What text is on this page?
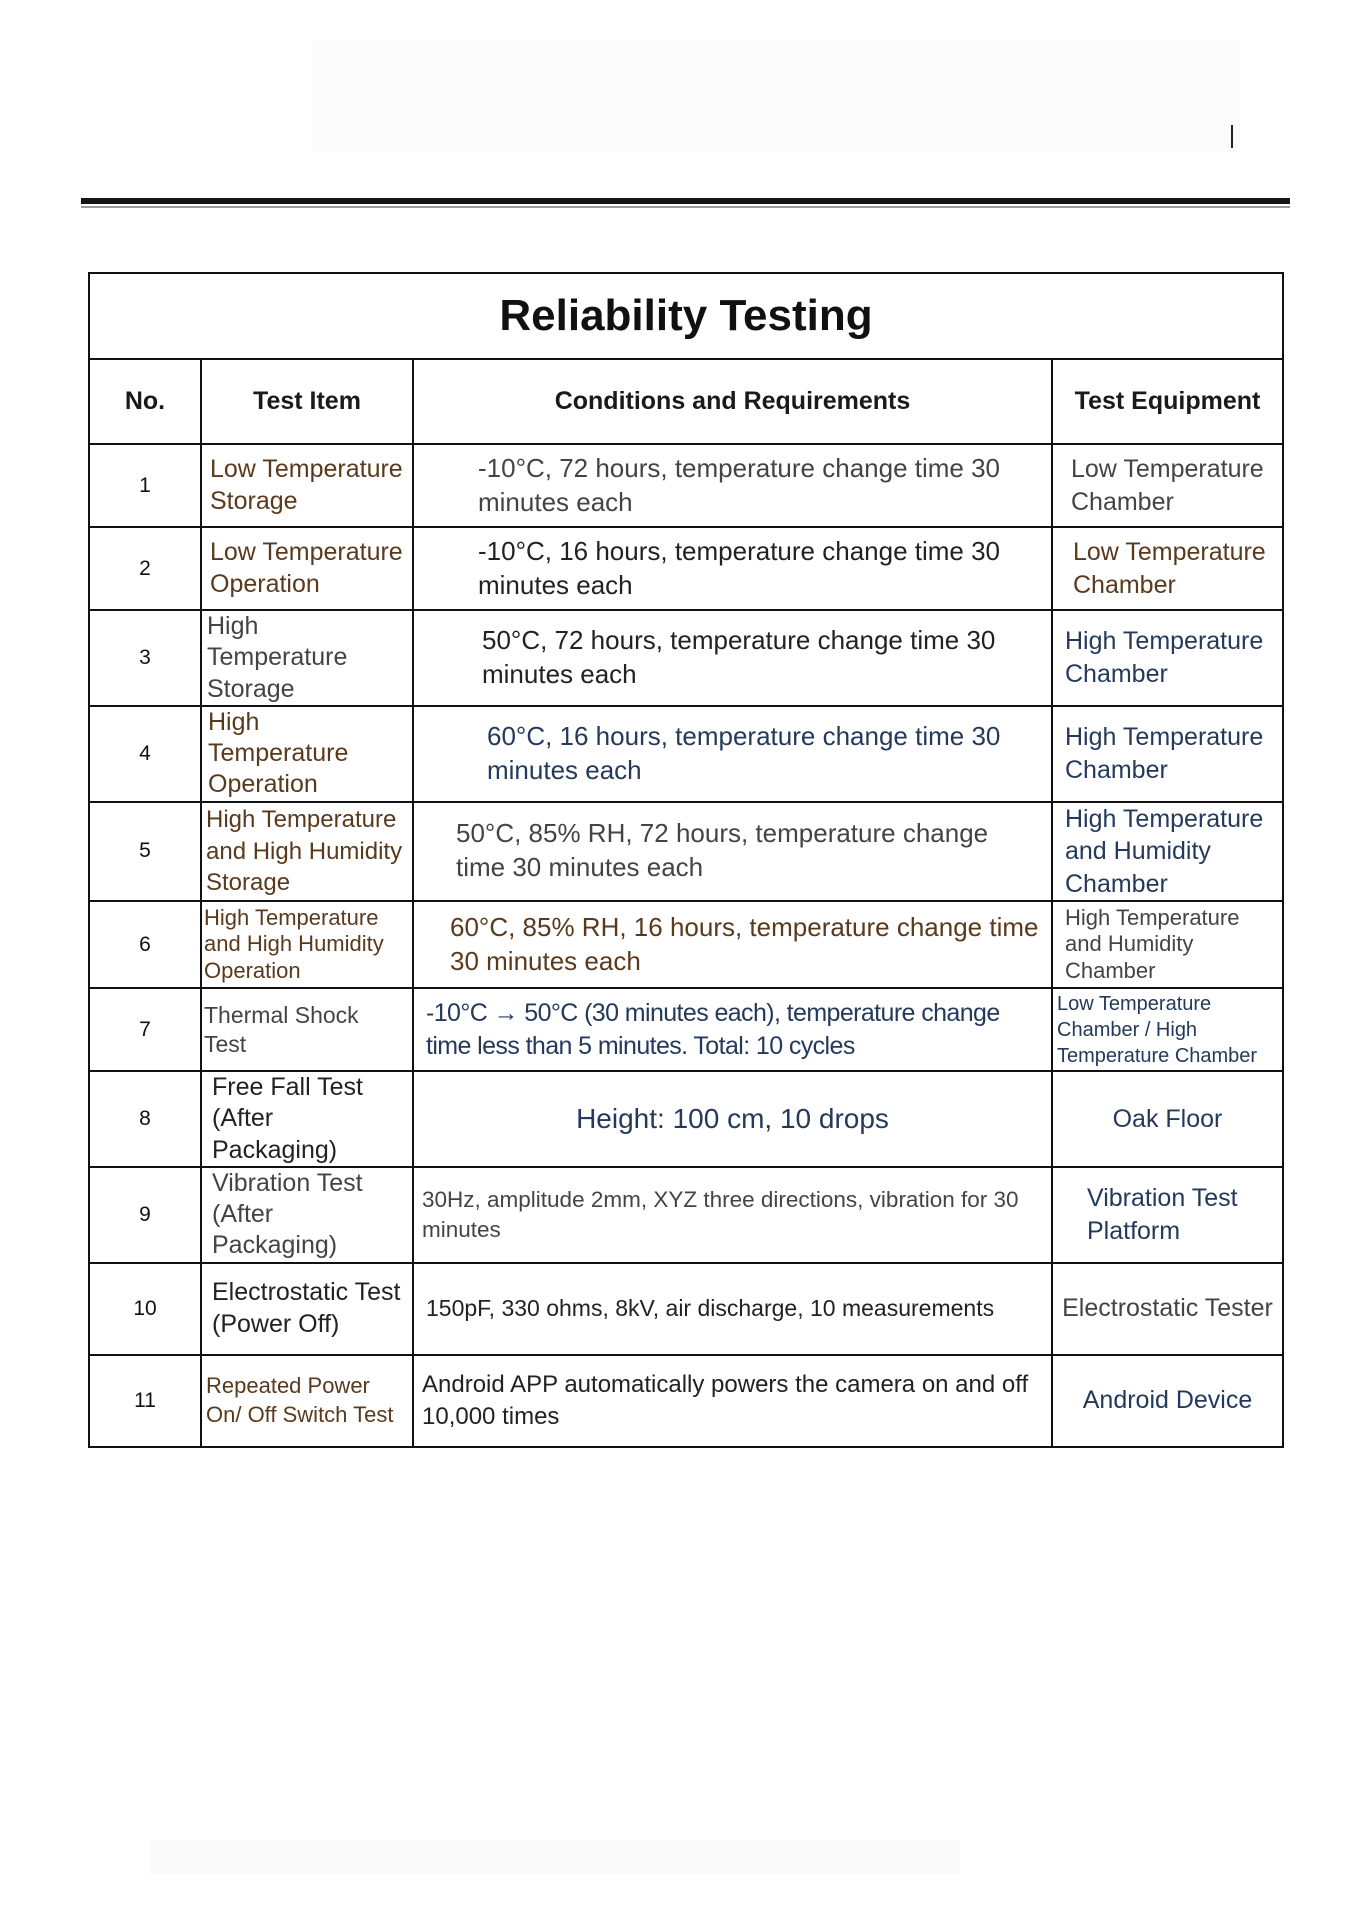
Reliability Testing			
No.	Test Item	Conditions and Requirements	Test Equipment
1	Low Temperature Storage	-10°C, 72 hours, temperature change time 30 minutes each	Low Temperature Chamber
2	Low Temperature Operation	-10°C, 16 hours, temperature change time 30 minutes each	Low Temperature Chamber
3	High Temperature Storage	50°C, 72 hours, temperature change time 30 minutes each	High Temperature Chamber
4	High Temperature Operation	60°C, 16 hours, temperature change time 30 minutes each	High Temperature Chamber
5	High Temperature and High Humidity Storage	50°C, 85% RH, 72 hours, temperature change time 30 minutes each	High Temperature and Humidity Chamber
6	High Temperature and High Humidity Operation	60°C, 85% RH, 16 hours, temperature change time 30 minutes each	High Temperature and Humidity Chamber
7	Thermal Shock Test	-10°C → 50°C (30 minutes each), temperature change time less than 5 minutes. Total: 10 cycles	Low Temperature Chamber / High Temperature Chamber
8	Free Fall Test (After Packaging)	Height: 100 cm, 10 drops	Oak Floor
9	Vibration Test (After Packaging)	30Hz, amplitude 2mm, XYZ three directions, vibration for 30 minutes	Vibration Test Platform
10	Electrostatic Test (Power Off)	150pF, 330 ohms, 8kV, air discharge, 10 measurements	Electrostatic Tester
11	Repeated Power On/ Off Switch Test	Android APP automatically powers the camera on and off 10,000 times	Android Device
